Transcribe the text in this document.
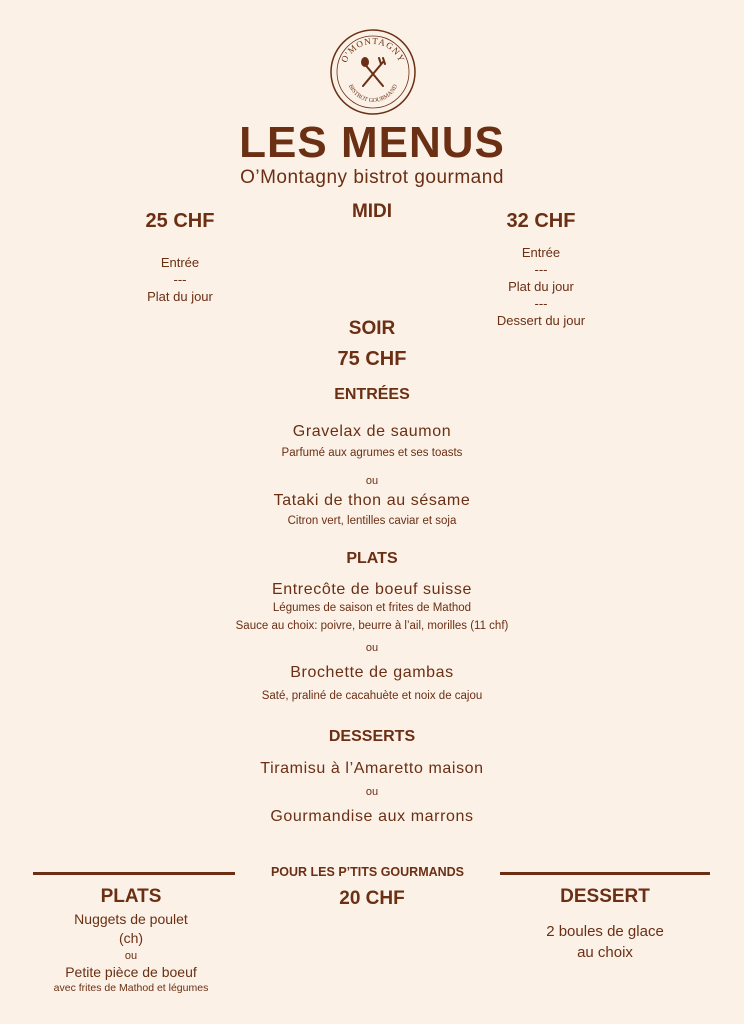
O'MONTAGNY
BISTROT GOURMAND
LES MENUS
O’Montagny bistrot gourmand
MIDI
25 CHF
Entrée
---
Plat du jour
32 CHF
Entrée
---
Plat du jour
---
Dessert du jour
SOIR
75 CHF
ENTRÉES
Gravelax de saumon
Parfumé aux agrumes et ses toasts
ou
Tataki de thon au sésame
Citron vert, lentilles caviar et soja
PLATS
Entrecôte de boeuf suisse
Légumes de saison et frites de Mathod
Sauce au choix: poivre, beurre à l’ail, morilles (11 chf)
ou
Brochette de gambas
Saté, praliné de cacahuète et noix de cajou
DESSERTS
Tiramisu à l’Amaretto maison
ou
Gourmandise aux marrons
POUR LES P’TITS GOURMANDS
20 CHF
PLATS
Nuggets de poulet
(ch)
ou
Petite pièce de boeuf
avec frites de Mathod et légumes
DESSERT
2 boules de glace
au choix
